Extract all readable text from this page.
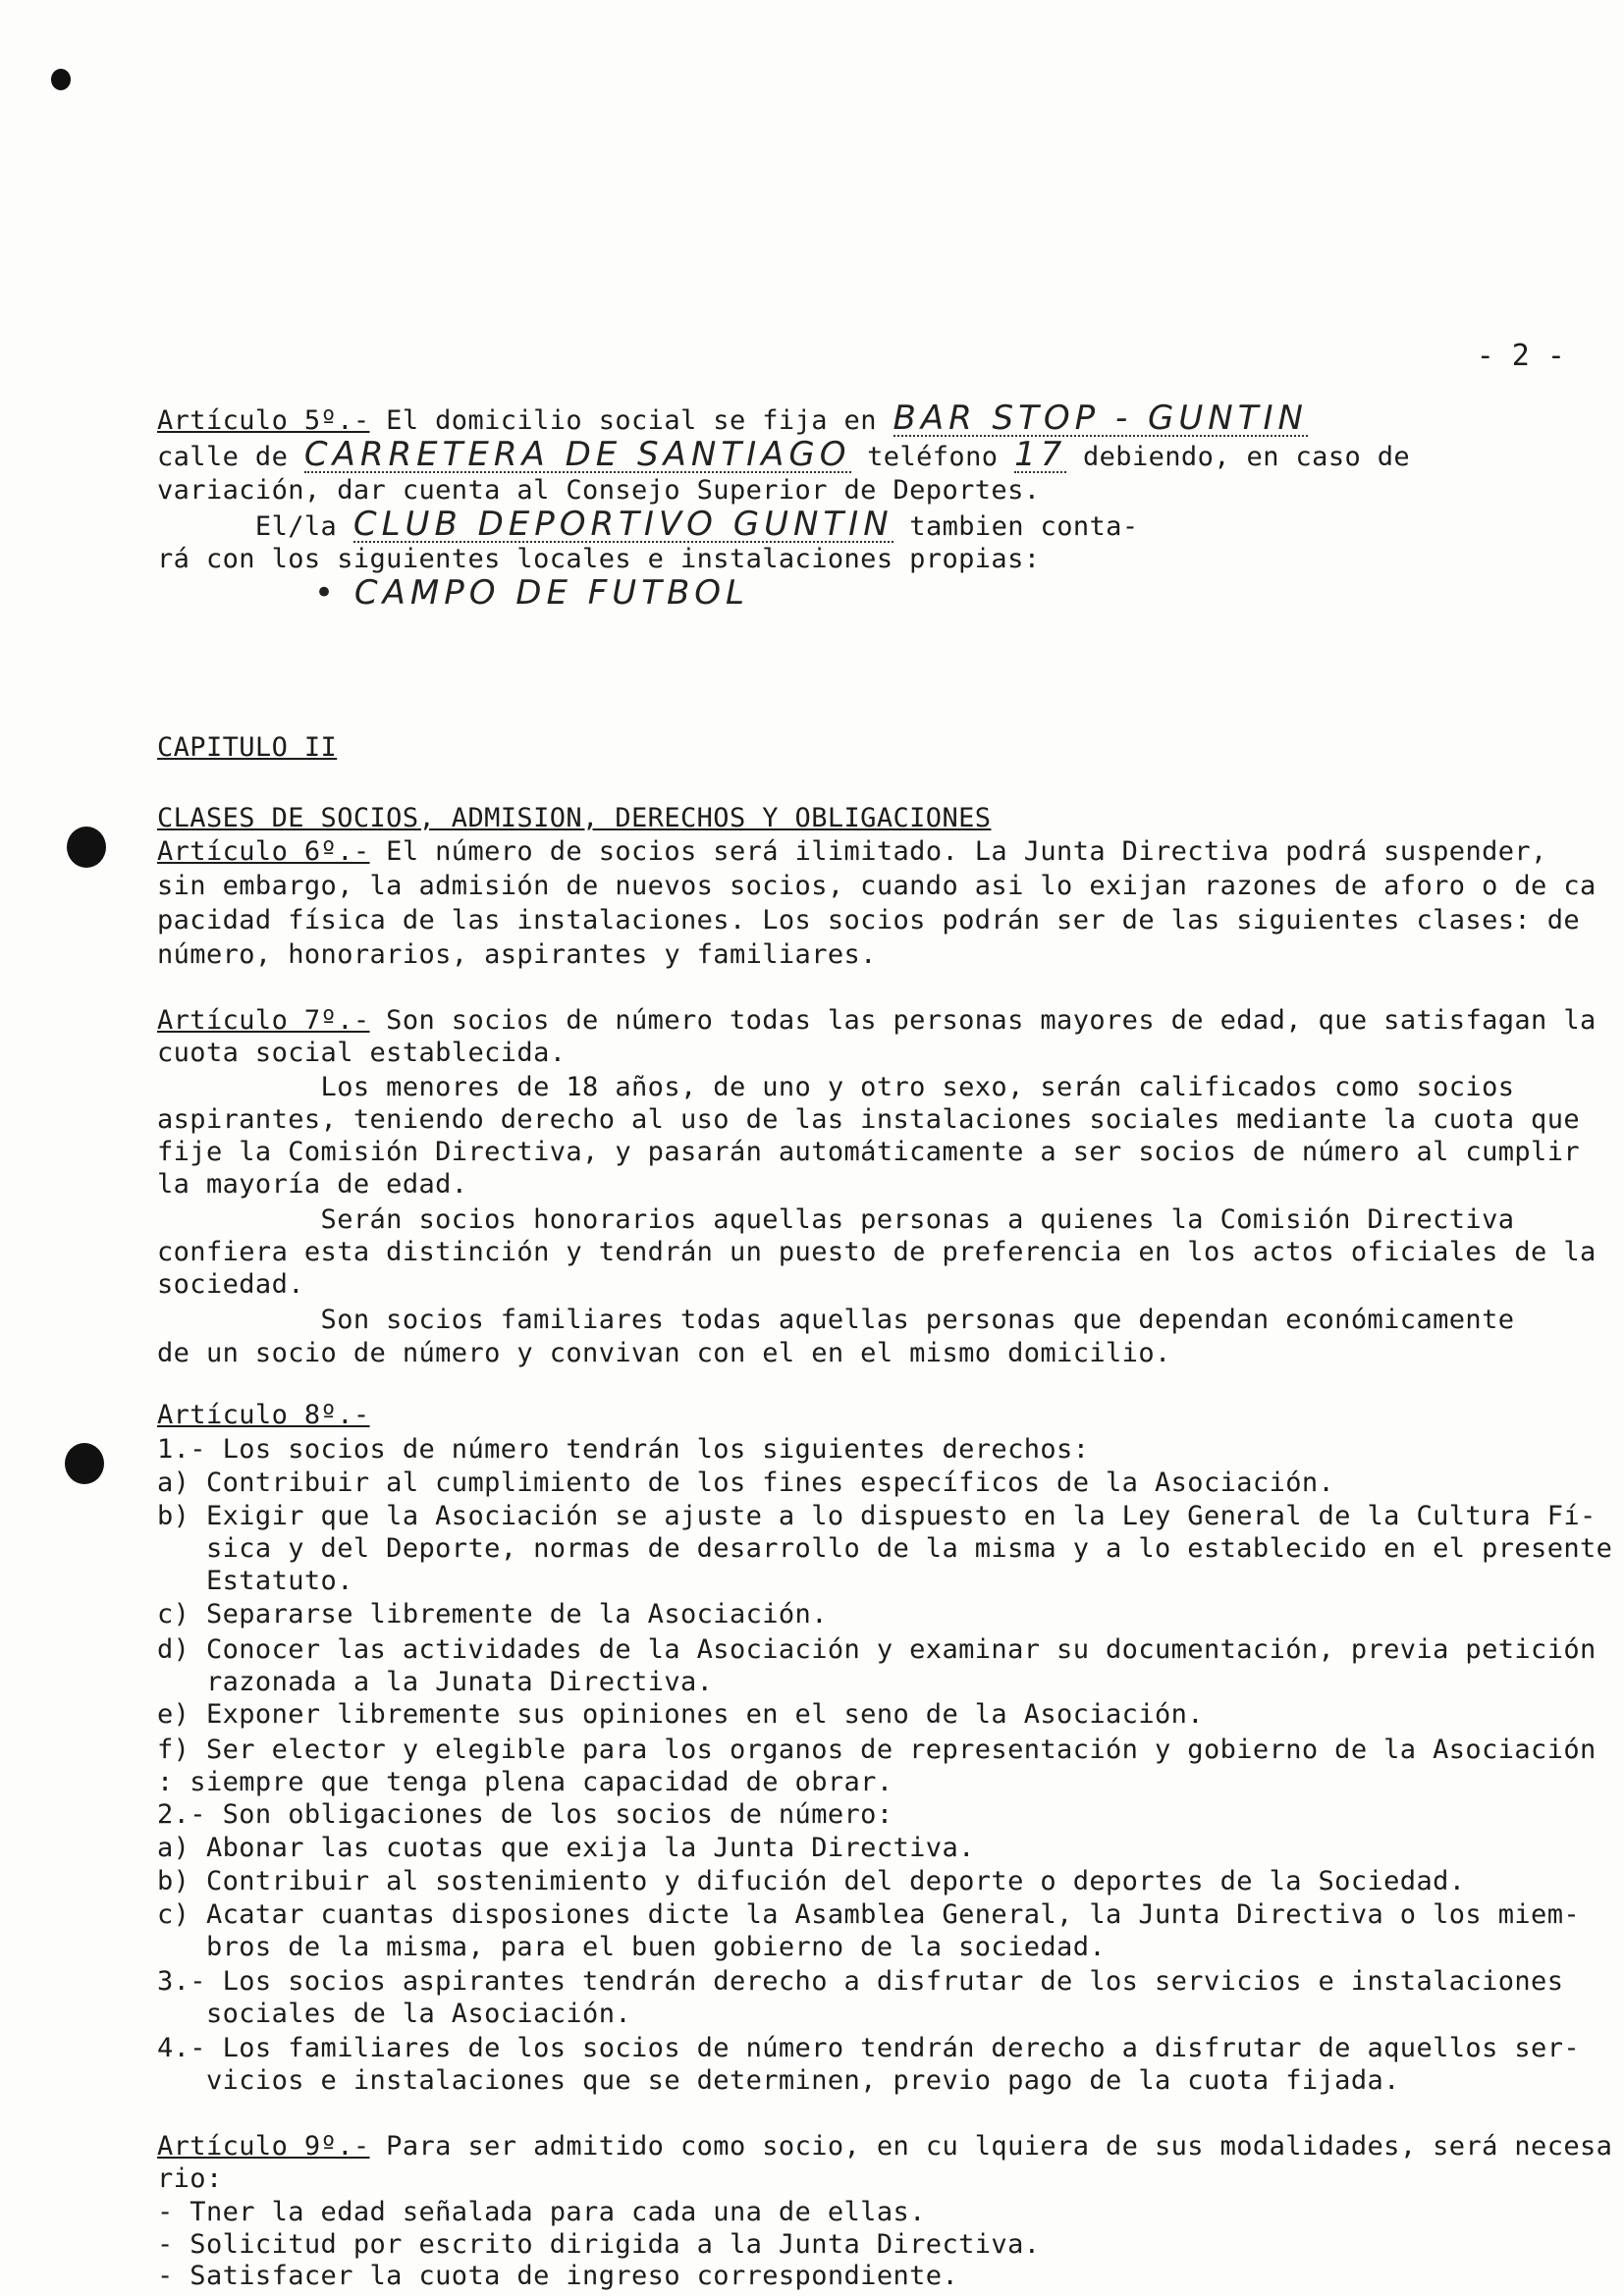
- 2 -
Artículo 5º.- El domicilio social se fija en BAR STOP - GUNTIN
calle de CARRETERA DE SANTIAGO teléfono 17 debiendo, en caso de
variación, dar cuenta al Consejo Superior de Deportes.
El/la CLUB DEPORTIVO GUNTIN tambien conta-
rá con los siguientes locales e instalaciones propias:
• CAMPO DE FUTBOL
CAPITULO II
CLASES DE SOCIOS, ADMISION, DERECHOS Y OBLIGACIONES
Artículo 6º.- El número de socios será ilimitado. La Junta Directiva podrá suspender,
sin embargo, la admisión de nuevos socios, cuando asi lo exijan razones de aforo o de ca
pacidad física de las instalaciones. Los socios podrán ser de las siguientes clases: de
número, honorarios, aspirantes y familiares.
Artículo 7º.- Son socios de número todas las personas mayores de edad, que satisfagan la
cuota social establecida.
Los menores de 18 años, de uno y otro sexo, serán calificados como socios
aspirantes, teniendo derecho al uso de las instalaciones sociales mediante la cuota que
fije la Comisión Directiva, y pasarán automáticamente a ser socios de número al cumplir
la mayoría de edad.
Serán socios honorarios aquellas personas a quienes la Comisión Directiva
confiera esta distinción y tendrán un puesto de preferencia en los actos oficiales de la
sociedad.
Son socios familiares todas aquellas personas que dependan económicamente
de un socio de número y convivan con el en el mismo domicilio.
Artículo 8º.-
1.- Los socios de número tendrán los siguientes derechos:
a) Contribuir al cumplimiento de los fines específicos de la Asociación.
b) Exigir que la Asociación se ajuste a lo dispuesto en la Ley General de la Cultura Fí-
sica y del Deporte, normas de desarrollo de la misma y a lo establecido en el presente
Estatuto.
c) Separarse libremente de la Asociación.
d) Conocer las actividades de la Asociación y examinar su documentación, previa petición
razonada a la Junata Directiva.
e) Exponer libremente sus opiniones en el seno de la Asociación.
f) Ser elector y elegible para los organos de representación y gobierno de la Asociación
: siempre que tenga plena capacidad de obrar.
2.- Son obligaciones de los socios de número:
a) Abonar las cuotas que exija la Junta Directiva.
b) Contribuir al sostenimiento y difución del deporte o deportes de la Sociedad.
c) Acatar cuantas disposiones dicte la Asamblea General, la Junta Directiva o los miem-
bros de la misma, para el buen gobierno de la sociedad.
3.- Los socios aspirantes tendrán derecho a disfrutar de los servicios e instalaciones
sociales de la Asociación.
4.- Los familiares de los socios de número tendrán derecho a disfrutar de aquellos ser-
vicios e instalaciones que se determinen, previo pago de la cuota fijada.
Artículo 9º.- Para ser admitido como socio, en cu lquiera de sus modalidades, será necesa
rio:
- Tner la edad señalada para cada una de ellas.
- Solicitud por escrito dirigida a la Junta Directiva.
- Satisfacer la cuota de ingreso correspondiente.
